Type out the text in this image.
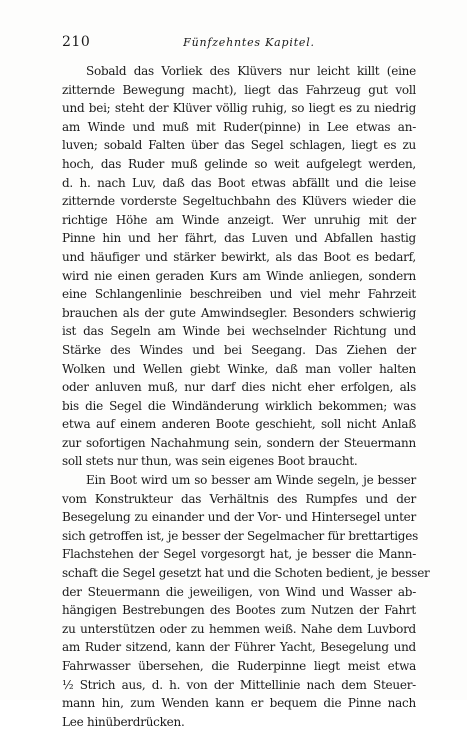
210	Fünfzehntes Kapitel.
Sobald das Vorliek des Klüvers nur leicht killt (eine
zitternde Bewegung macht), liegt das Fahrzeug gut voll
und bei; steht der Klüver völlig ruhig, so liegt es zu niedrig
am Winde und muß mit Ruder(pinne) in Lee etwas an-
luven; sobald Falten über das Segel schlagen, liegt es zu
hoch, das Ruder muß gelinde so weit aufgelegt werden,
d. h. nach Luv, daß das Boot etwas abfällt und die leise
zitternde vorderste Segeltuchbahn des Klüvers wieder die
richtige Höhe am Winde anzeigt. Wer unruhig mit der
Pinne hin und her fährt, das Luven und Abfallen hastig
und häufiger und stärker bewirkt, als das Boot es bedarf,
wird nie einen geraden Kurs am Winde anliegen, sondern
eine Schlangenlinie beschreiben und viel mehr Fahrzeit
brauchen als der gute Amwindsegler. Besonders schwierig
ist das Segeln am Winde bei wechselnder Richtung und
Stärke des Windes und bei Seegang. Das Ziehen der
Wolken und Wellen giebt Winke, daß man voller halten
oder anluven muß, nur darf dies nicht eher erfolgen, als
bis die Segel die Windänderung wirklich bekommen; was
etwa auf einem anderen Boote geschieht, soll nicht Anlaß
zur sofortigen Nachahmung sein, sondern der Steuermann
soll stets nur thun, was sein eigenes Boot braucht.
Ein Boot wird um so besser am Winde segeln, je besser
vom Konstrukteur das Verhältnis des Rumpfes und der
Besegelung zu einander und der Vor- und Hintersegel unter
sich getroffen ist, je besser der Segelmacher für brettartiges
Flachstehen der Segel vorgesorgt hat, je besser die Mann-
schaft die Segel gesetzt hat und die Schoten bedient, je besser
der Steuermann die jeweiligen, von Wind und Wasser ab-
hängigen Bestrebungen des Bootes zum Nutzen der Fahrt
zu unterstützen oder zu hemmen weiß. Nahe dem Luvbord
am Ruder sitzend, kann der Führer Yacht, Besegelung und
Fahrwasser übersehen, die Ruderpinne liegt meist etwa
½ Strich aus, d. h. von der Mittellinie nach dem Steuer-
mann hin, zum Wenden kann er bequem die Pinne nach
Lee hinüberdrücken.
